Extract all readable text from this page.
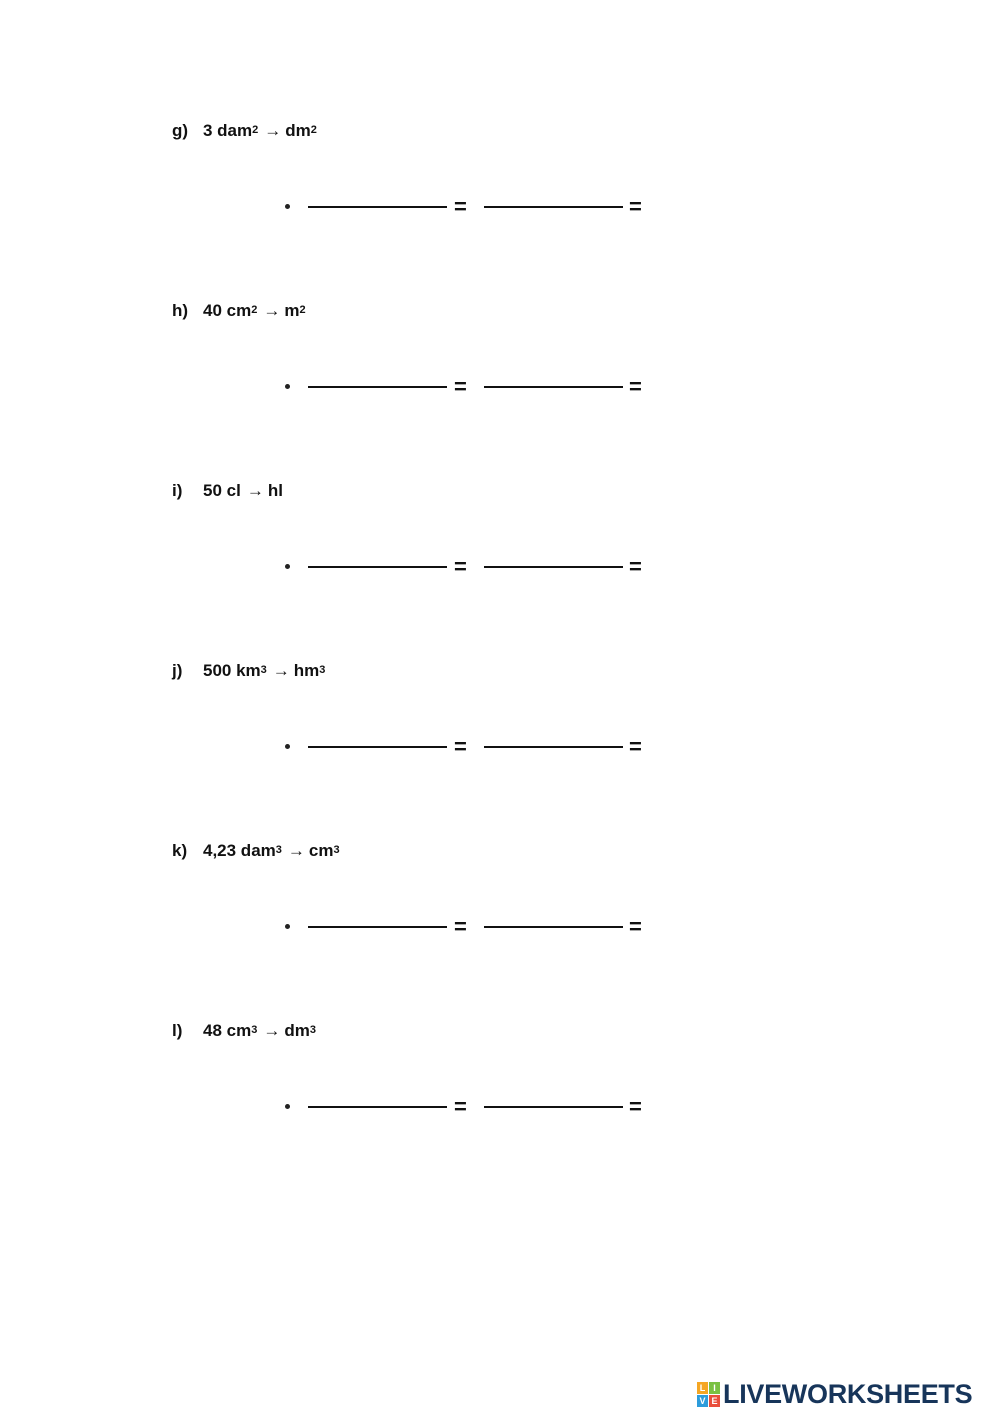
g) 3 $dam^2 \to dm^2$
=	=
h) 40 $cm^2 \to m^2$
=	=
i)	50 cl → hl
=	=
j)	500 $km^3 \to hm^3$
=	=
k) 4,23 $dam^3 \to cm^3$
=	=
l)	48 $cm^3 \to dm^3$
=	=
L I
V E LIVEWORKSHEETS
